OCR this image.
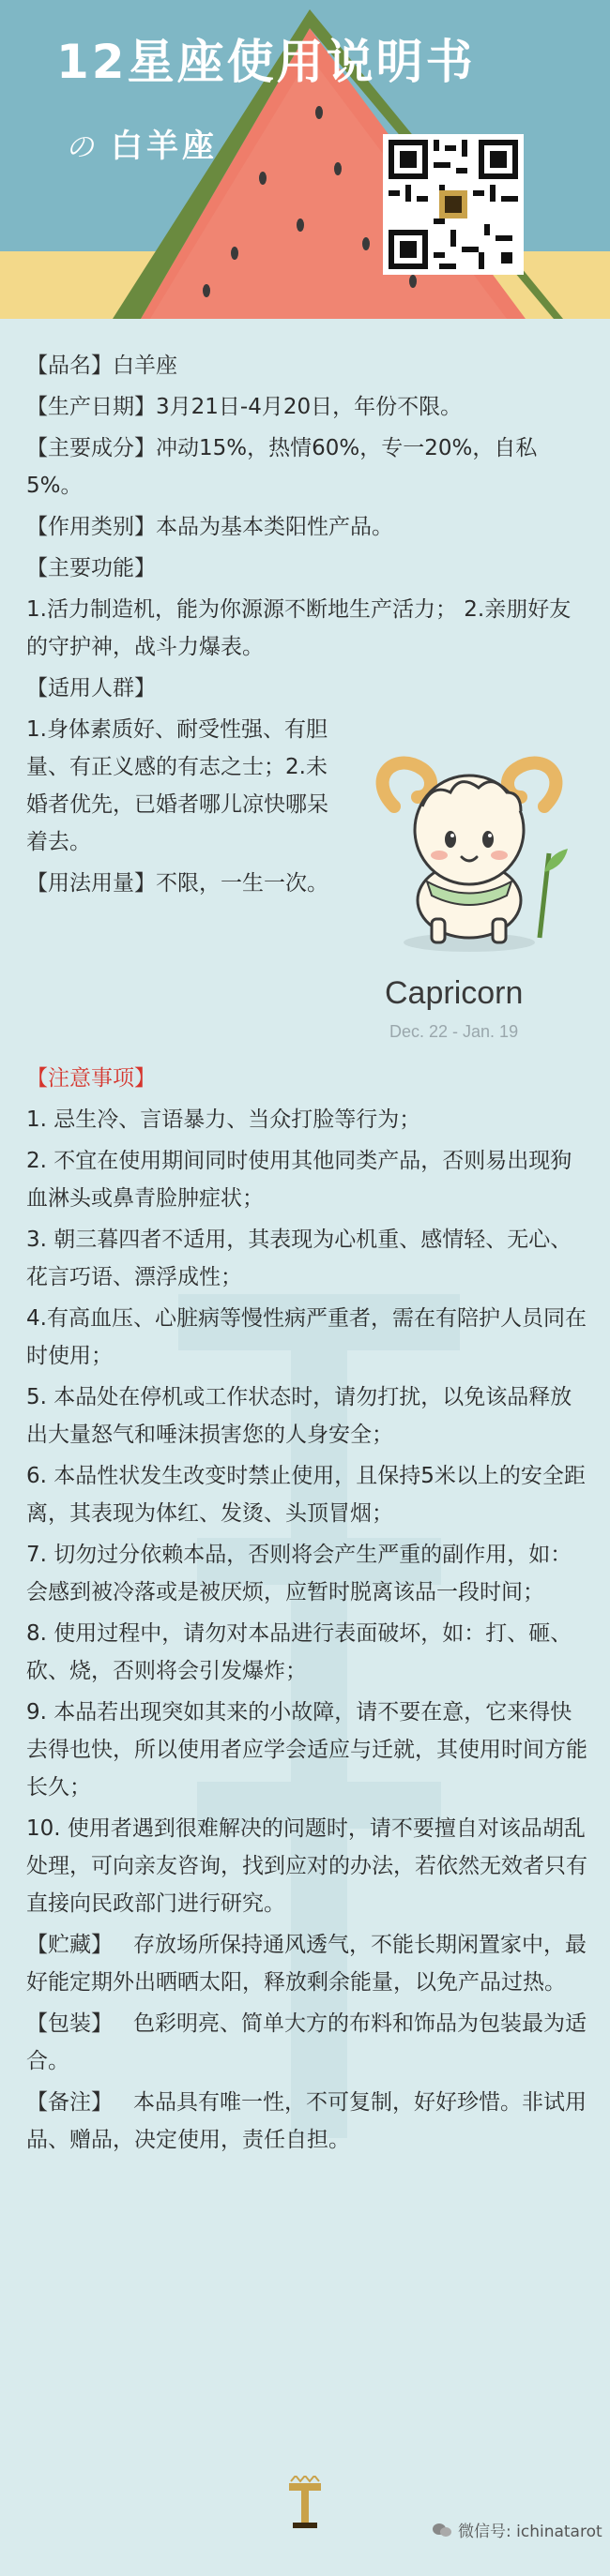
12星座使用说明书
の 白羊座

【品名】白羊座

【生产日期】3月21日-4月20日，年份不限。

【主要成分】冲动15%，热情60%，专一20%，自私5%。

【作用类别】本品为基本类阳性产品。

【主要功能】

1.活力制造机，能为你源源不断地生产活力； 2.亲朋好友的守护神，战斗力爆表。

【适用人群】

1.身体素质好、耐受性强、有胆量、有正义感的有志之士；2.未婚者优先，已婚者哪儿凉快哪呆着去。

【用法用量】不限，一生一次。

Capricorn
Dec. 22 - Jan. 19

【注意事项】

1. 忌生冷、言语暴力、当众打脸等行为；

2. 不宜在使用期间同时使用其他同类产品，否则易出现狗血淋头或鼻青脸肿症状；

3. 朝三暮四者不适用，其表现为心机重、感情轻、无心、花言巧语、漂浮成性；

4.有高血压、心脏病等慢性病严重者，需在有陪护人员同在时使用；

5. 本品处在停机或工作状态时，请勿打扰，以免该品释放出大量怒气和唾沫损害您的人身安全；

6. 本品性状发生改变时禁止使用，且保持5米以上的安全距离，其表现为体红、发烫、头顶冒烟；

7. 切勿过分依赖本品，否则将会产生严重的副作用，如：会感到被冷落或是被厌烦，应暂时脱离该品一段时间；

8. 使用过程中，请勿对本品进行表面破坏，如：打、砸、砍、烧，否则将会引发爆炸；

9. 本品若出现突如其来的小故障，请不要在意，它来得快去得也快，所以使用者应学会适应与迁就，其使用时间方能长久；

10. 使用者遇到很难解决的问题时，请不要擅自对该品胡乱处理，可向亲友咨询，找到应对的办法，若依然无效者只有直接向民政部门进行研究。

【贮藏】 存放场所保持通风透气，不能长期闲置家中，最好能定期外出晒晒太阳，释放剩余能量，以免产品过热。

【包装】 色彩明亮、简单大方的布料和饰品为包装最为适合。

【备注】 本品具有唯一性，不可复制，好好珍惜。非试用品、赠品，决定使用，责任自担。

微信号: ichinatarot
